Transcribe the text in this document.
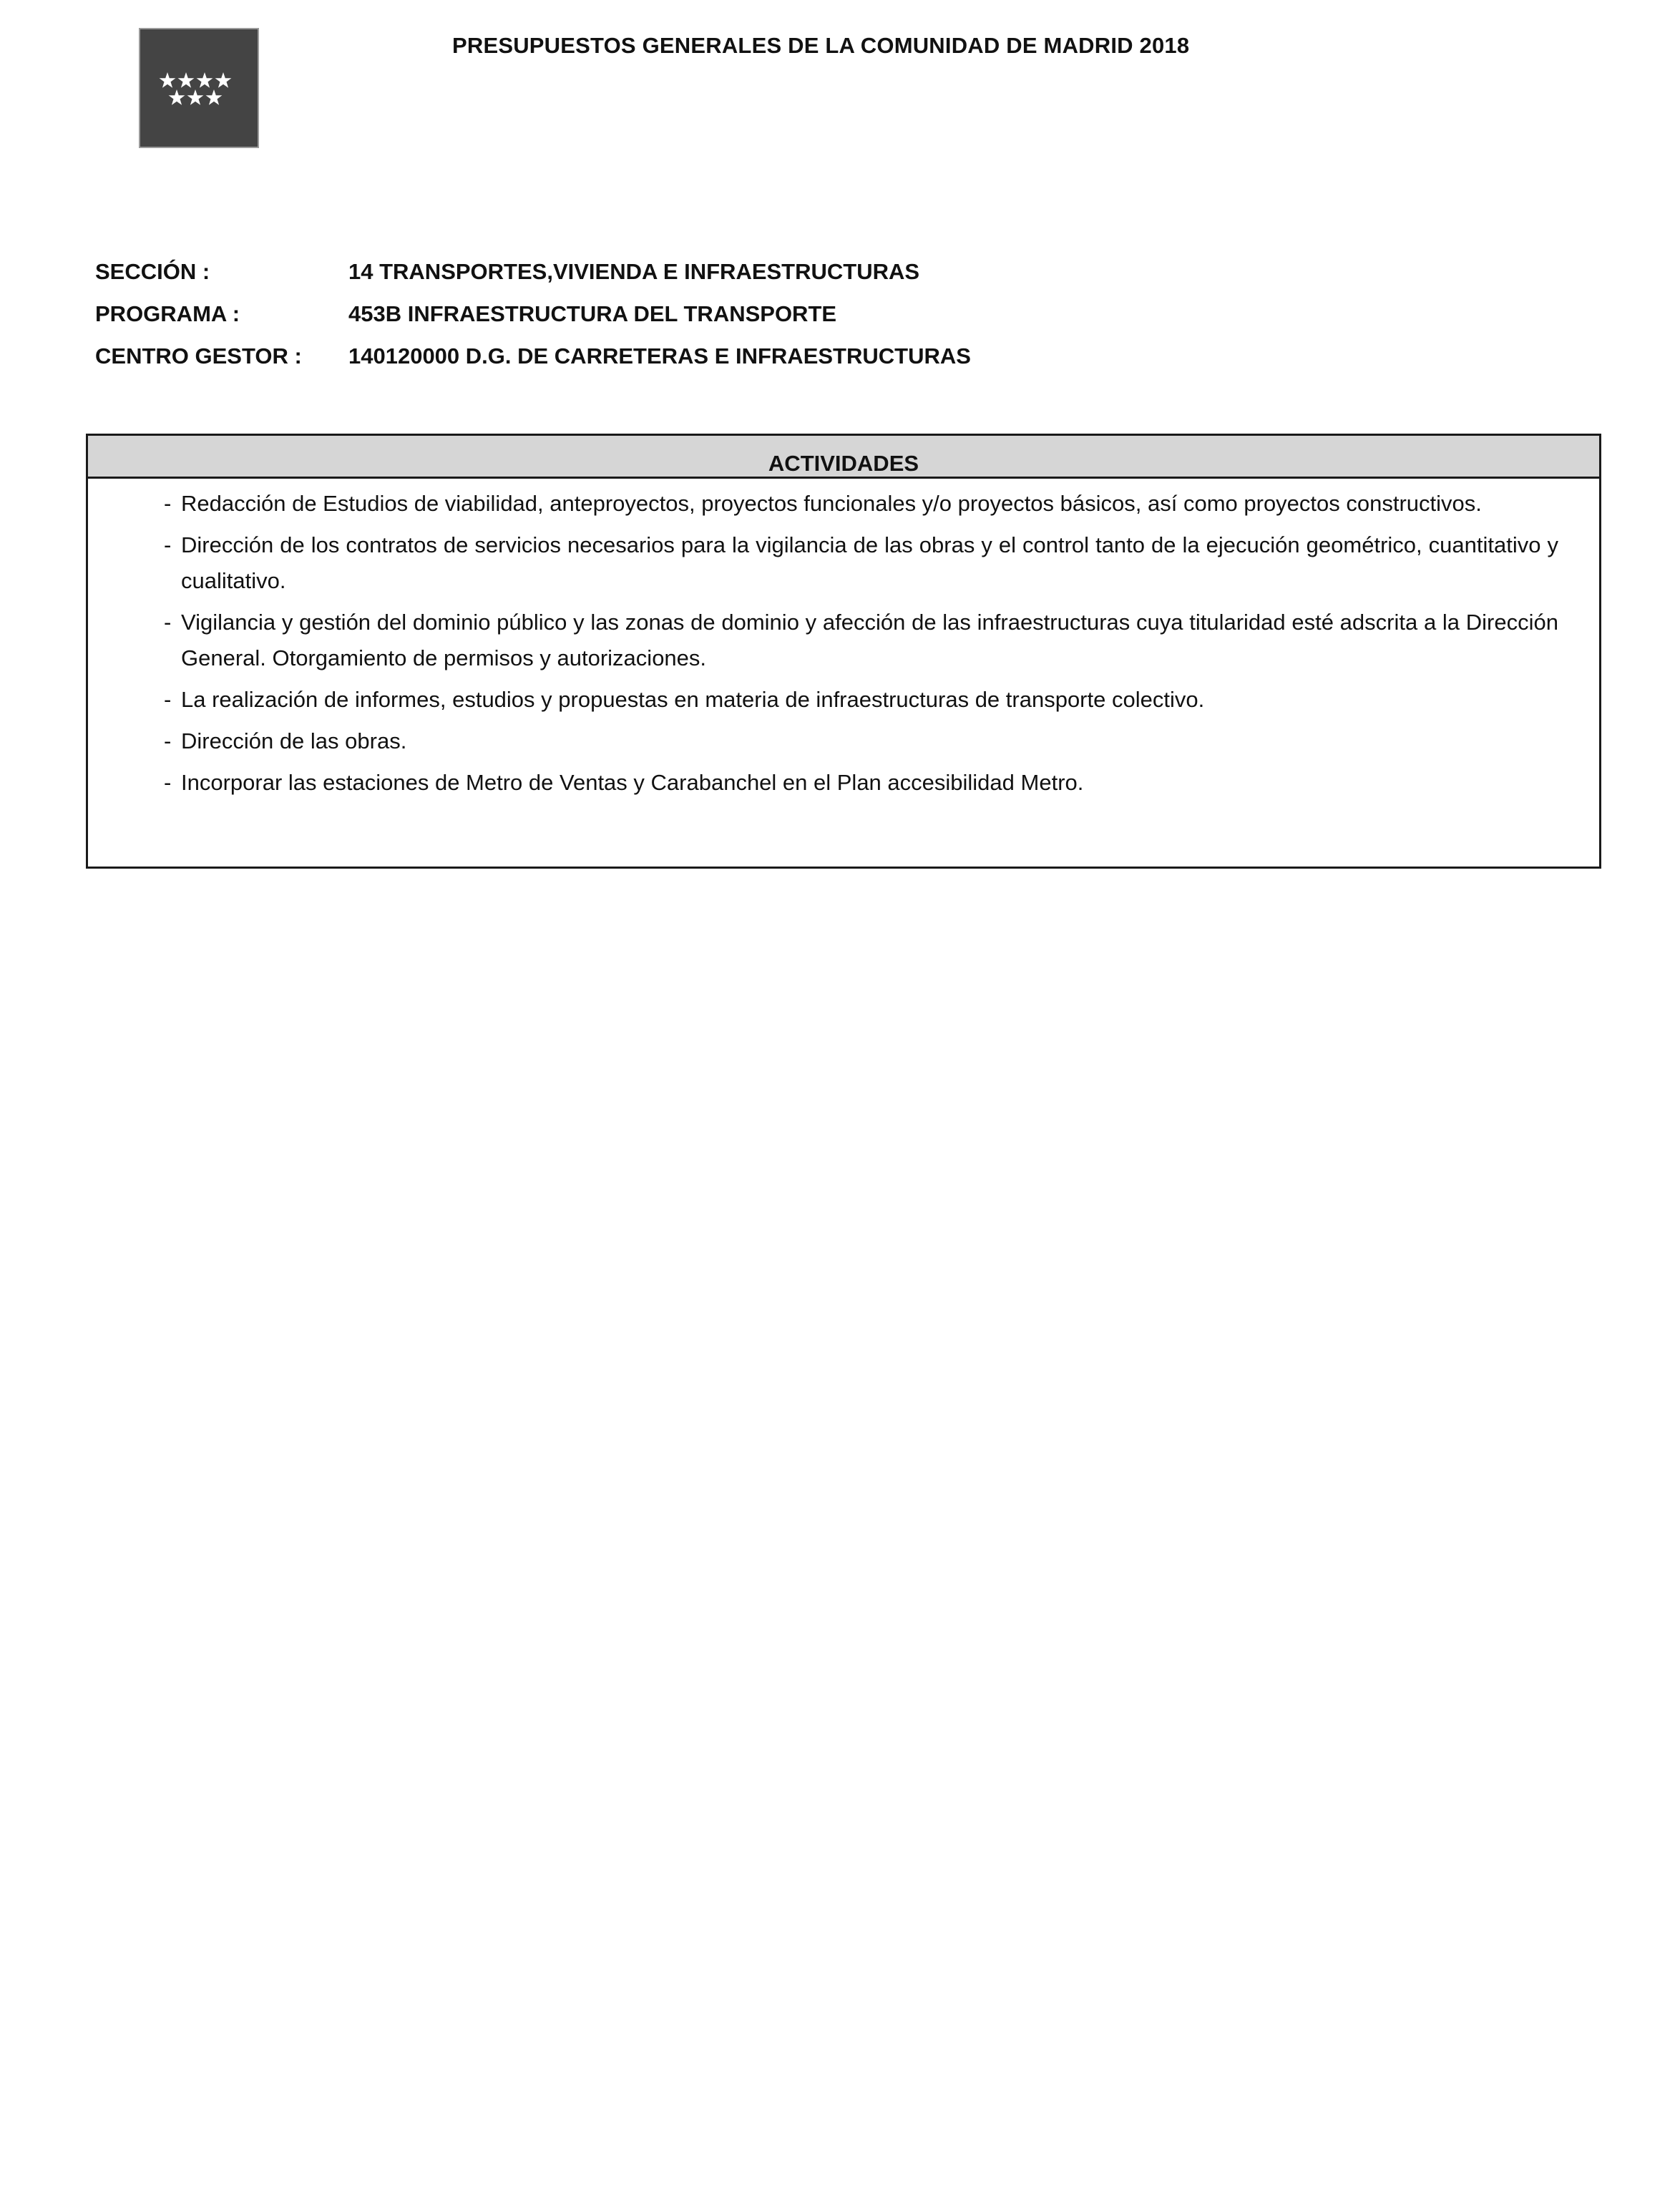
PRESUPUESTOS GENERALES DE LA COMUNIDAD DE MADRID 2018
SECCIÓN :	14 TRANSPORTES,VIVIENDA E INFRAESTRUCTURAS
PROGRAMA :	453B INFRAESTRUCTURA DEL TRANSPORTE
CENTRO GESTOR :	140120000 D.G. DE CARRETERAS E INFRAESTRUCTURAS
ACTIVIDADES
- Redacción de Estudios de viabilidad, anteproyectos, proyectos funcionales y/o proyectos básicos, así como proyectos constructivos.
- Dirección de los contratos de servicios necesarios para la vigilancia de las obras y el control tanto de la ejecución geométrico, cuantitativo y cualitativo.
- Vigilancia y gestión del dominio público y las zonas de dominio y afección de las infraestructuras cuya titularidad esté adscrita a la Dirección General. Otorgamiento de permisos y autorizaciones.
- La realización de informes, estudios y propuestas en materia de infraestructuras de transporte colectivo.
- Dirección de las obras.
- Incorporar las estaciones de Metro de Ventas y Carabanchel en el Plan accesibilidad Metro.
